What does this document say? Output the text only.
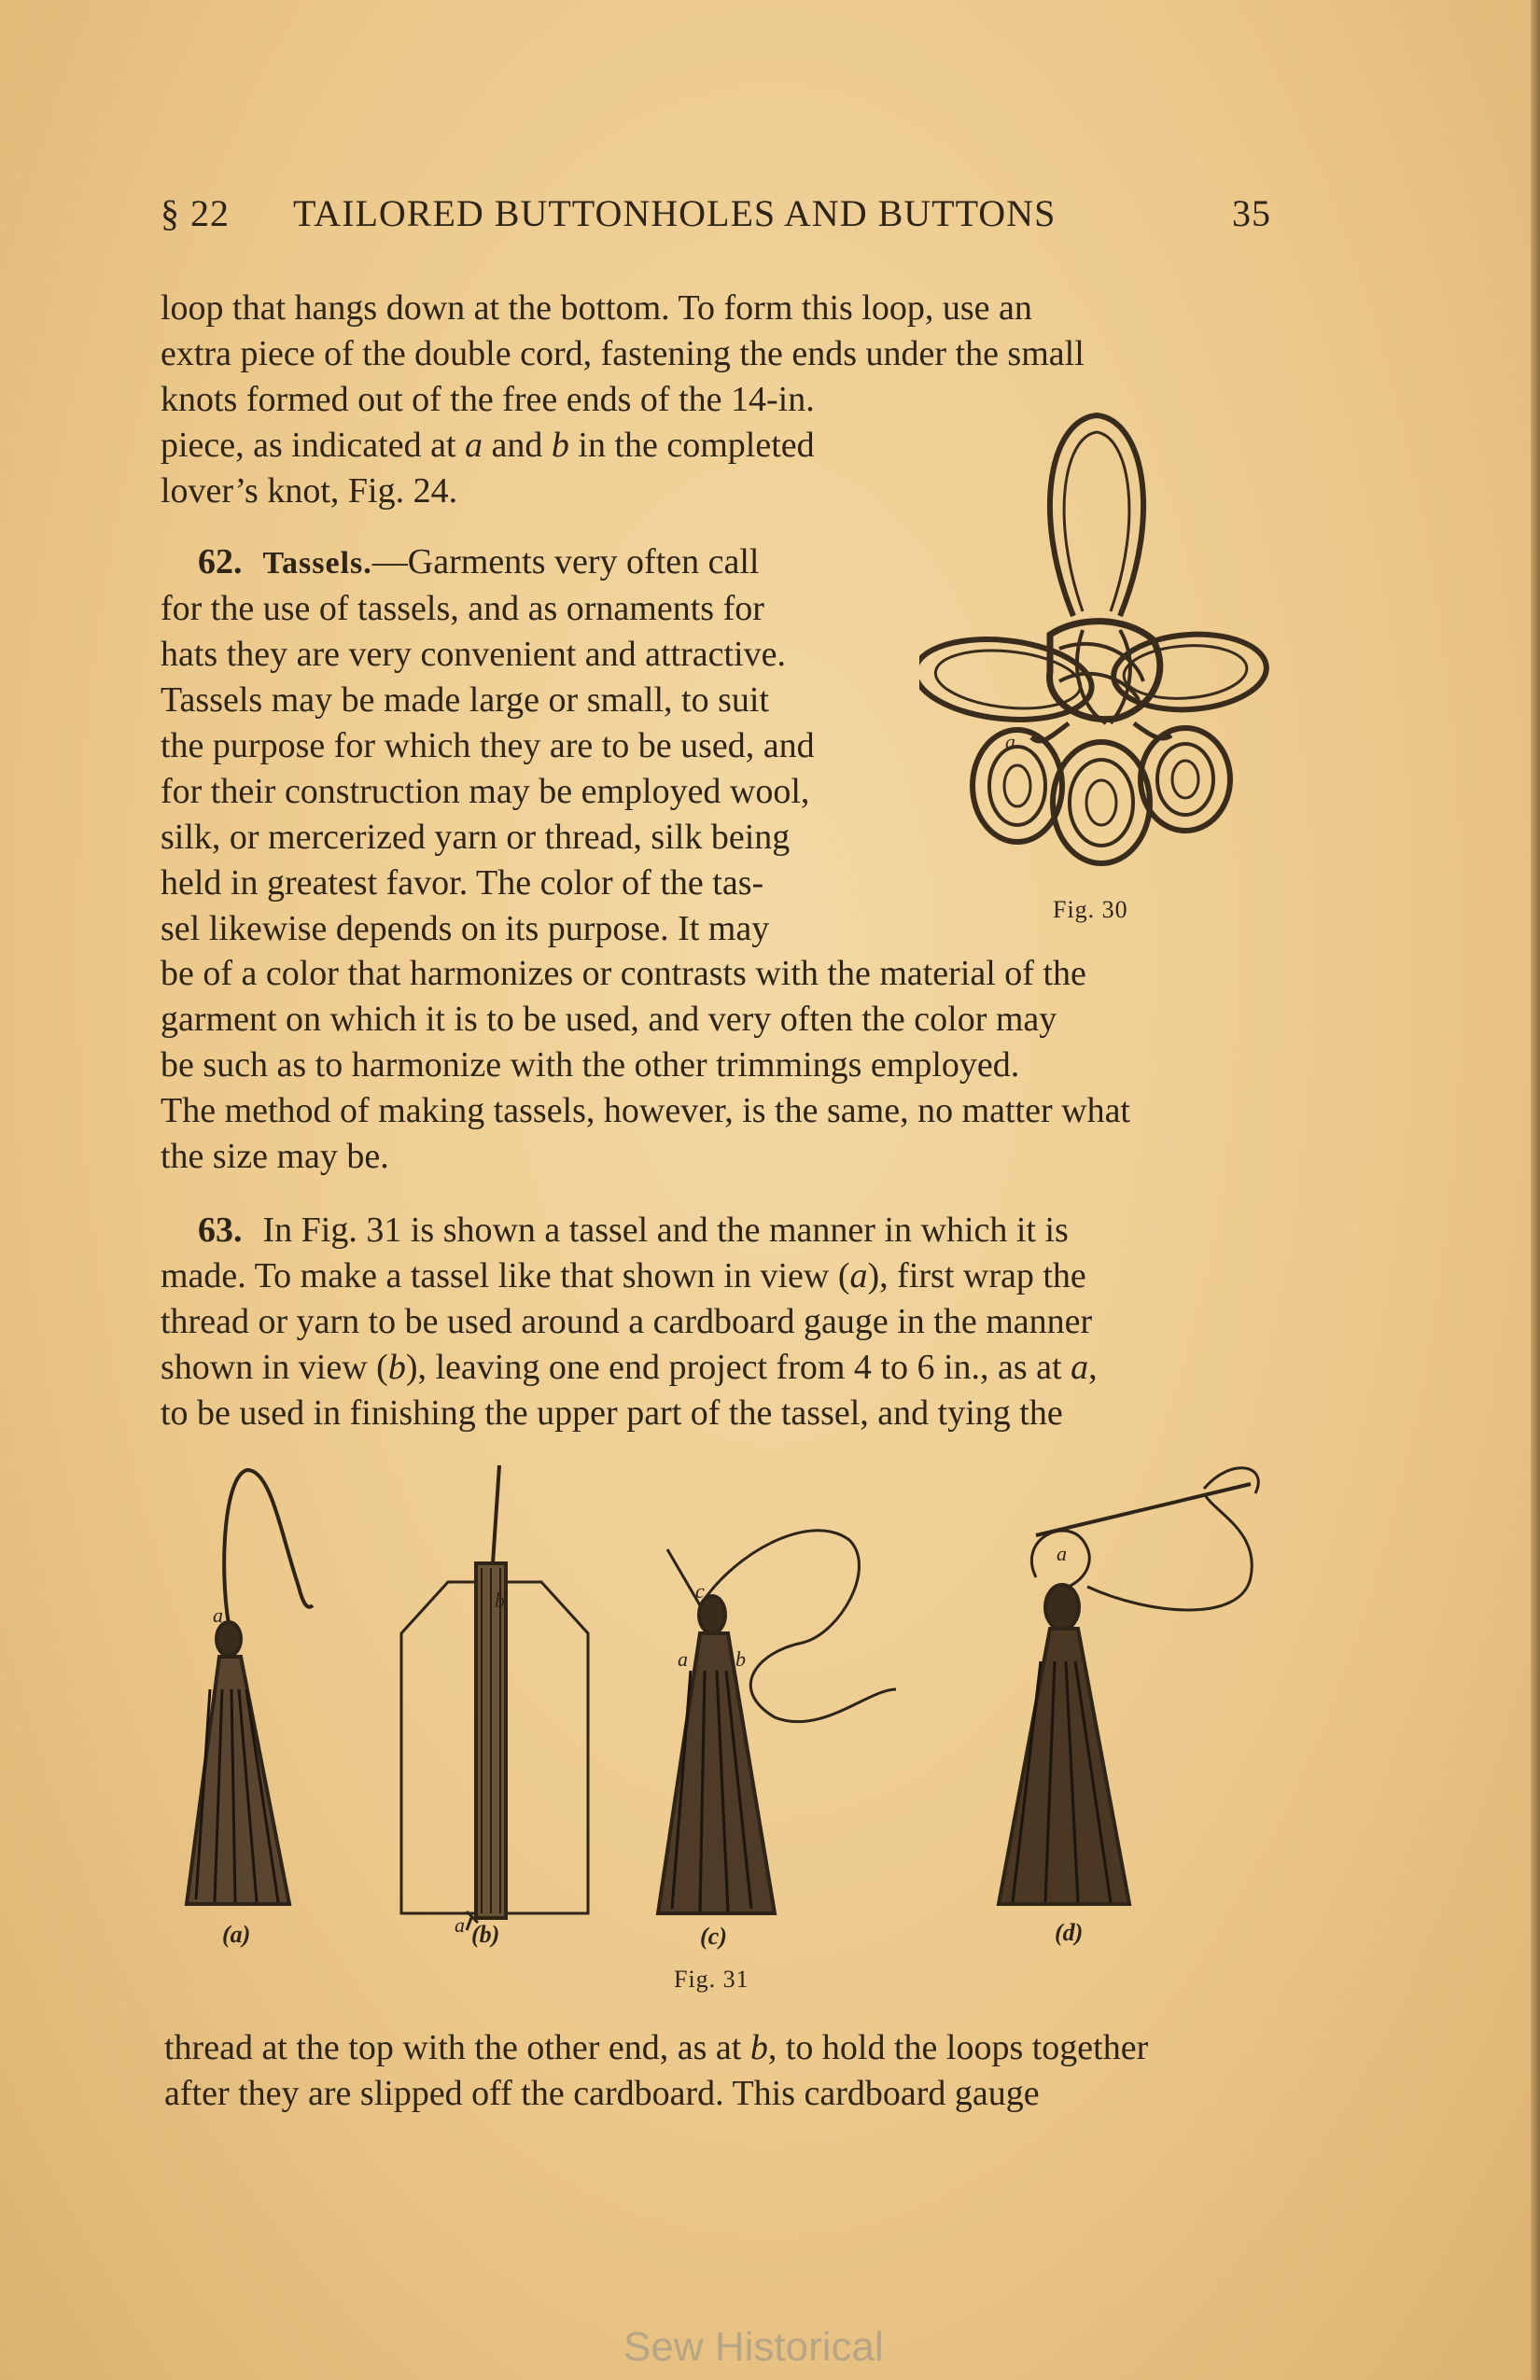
§ 22 TAILORED BUTTONHOLES AND BUTTONS	35

loop that hangs down at the bottom. To form this loop, use an

extra piece of the double cord, fastening the ends under the small

knots formed out of the free ends of the 14-in.

piece, as indicated at a and b in the completed

lover’s knot, Fig. 24.

62. Tassels.—Garments very often call

for the use of tassels, and as ornaments for

hats they are very convenient and attractive.

Tassels may be made large or small, to suit

the purpose for which they are to be used, and

for their construction may be employed wool,

silk, or mercerized yarn or thread, silk being

held in greatest favor. The color of the tas-

sel likewise depends on its purpose. It may

be of a color that harmonizes or contrasts with the material of the

garment on which it is to be used, and very often the color may

be such as to harmonize with the other trimmings employed.

The method of making tassels, however, is the same, no matter what

the size may be.

a
Fig. 30

63. In Fig. 31 is shown a tassel and the manner in which it is

made. To make a tassel like that shown in view (a), first wrap the

thread or yarn to be used around a cardboard gauge in the manner

shown in view (b), leaving one end project from 4 to 6 in., as at a,

to be used in finishing the upper part of the tassel, and tying the

a
b
a
c
a b
a
(a)	(b)	(c)	(d)
Fig. 31

thread at the top with the other end, as at b, to hold the loops together

after they are slipped off the cardboard. This cardboard gauge

Sew Historical
